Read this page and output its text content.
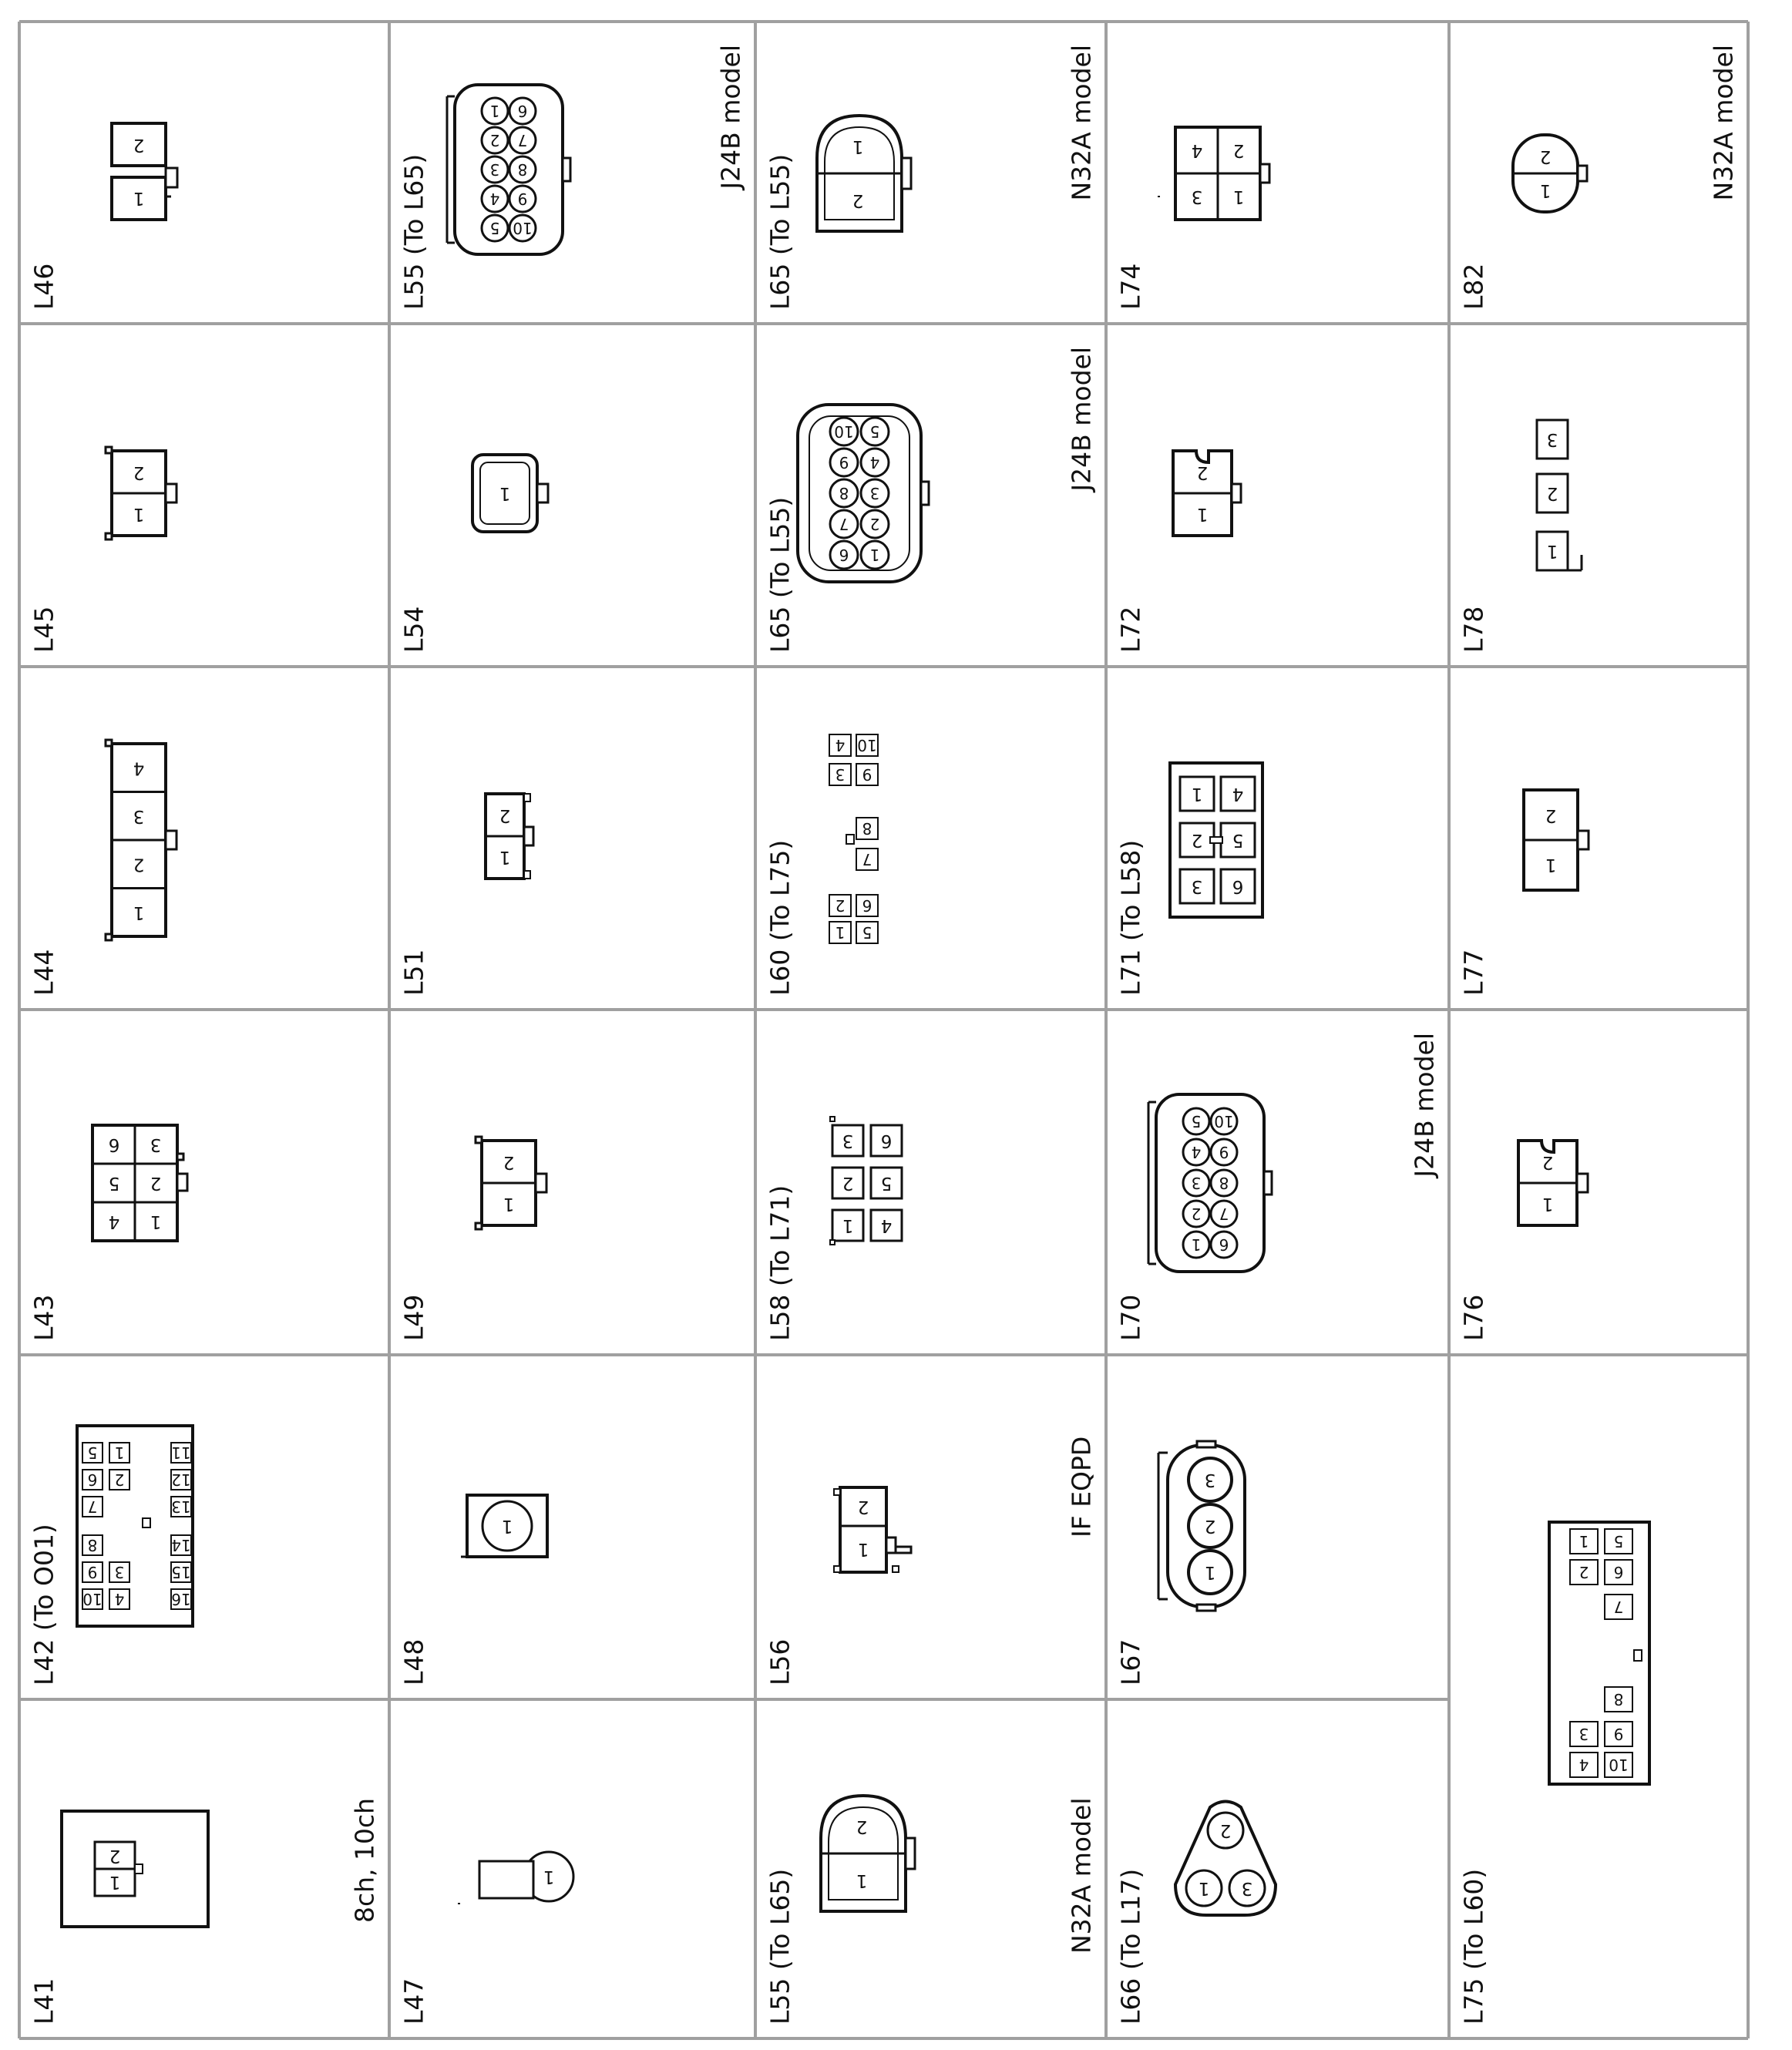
1
2
L46
1
2
L45
1
2
3
4
L44
1
2
3
4
5
6
L43
4
3
2
1
10
9
8
7
6
5
16
15
14
13
12
11
L42 (To O01)
1
2
L41
8ch, 10ch
5 10
4 9
3 8
2 7
1 6
L55 (To L65)
J24B model
1
L54
1
2
L51
1
2
L49
1
L48
1
L47
2
1
L65 (To L55)
N32A model
6 1
7 2
8 3
9 4
10 5
L65 (To L55)
J24B model
1 5
2 6
7
8
9
10
3
4
L60 (To L75)
1
2
3
4
5
6
L58 (To L71)
1
2
L56
IF EQPD
1
2
L55 (To L65)	N32A model
1
2
3
4
L74
1
2
L72
3
2
1
6
5
4
L71 (To L58)
1 6
2 7
3 8
4 9
5 10
L70
J24B model
1
2
3
L67
1 3
2
L66 (To L17)
1
2
L82
N32A model
1
2
3
L78
1
2
L77
1
2
L76
4
3
2
1
10
9
8
7
6
5
L75 (To L60)
